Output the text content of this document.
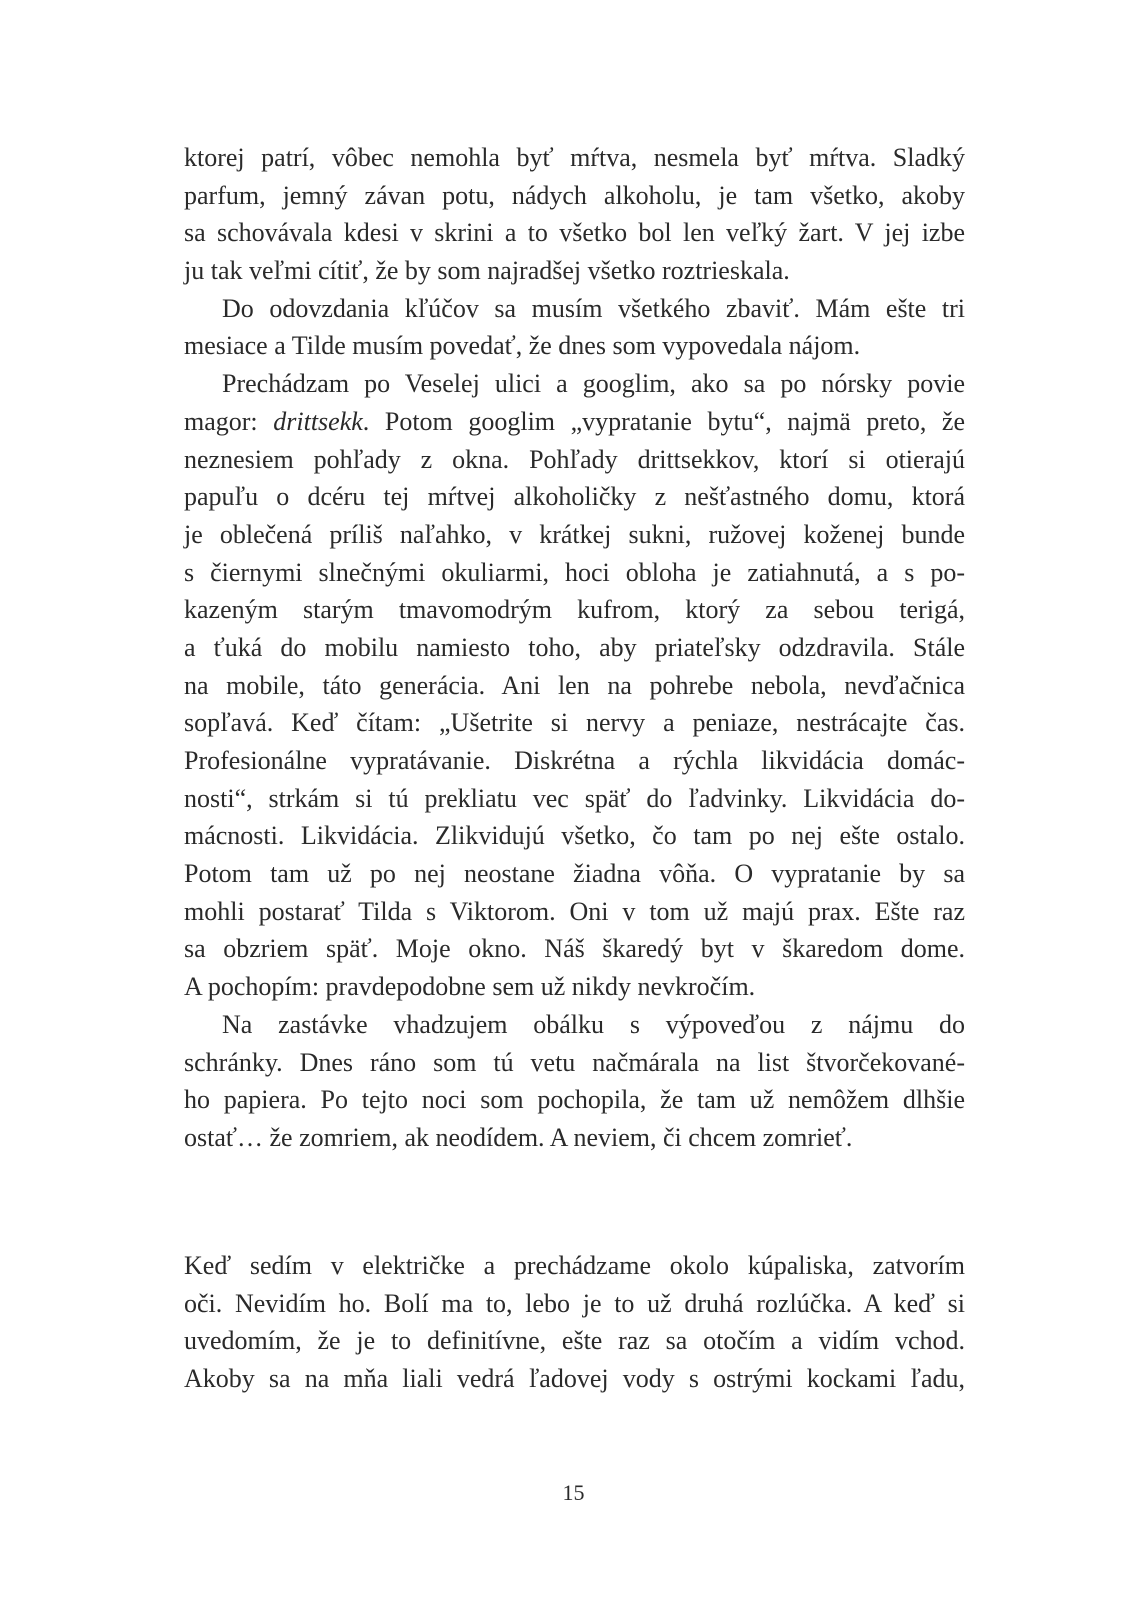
ktorej patrí, vôbec nemohla byť mŕtva, nesmela byť mŕtva. Sladký
parfum, jemný závan potu, nádych alkoholu, je tam všetko, akoby
sa schovávala kdesi v skrini a to všetko bol len veľký žart. V jej izbe
ju tak veľmi cítiť, že by som najradšej všetko roztrieskala.
Do odovzdania kľúčov sa musím všetkého zbaviť. Mám ešte tri
mesiace a Tilde musím povedať, že dnes som vypovedala nájom.
Prechádzam po Veselej ulici a googlim, ako sa po nórsky povie
magor: drittsekk. Potom googlim „vypratanie bytu“, najmä preto, že
neznesiem pohľady z okna. Pohľady drittsekkov, ktorí si otierajú
papuľu o dcéru tej mŕtvej alkoholičky z nešťastného domu, ktorá
je oblečená príliš naľahko, v krátkej sukni, ružovej koženej bunde
s čiernymi slnečnými okuliarmi, hoci obloha je zatiahnutá, a s po-
kazeným starým tmavomodrým kufrom, ktorý za sebou terigá,
a ťuká do mobilu namiesto toho, aby priateľsky odzdravila. Stále
na mobile, táto generácia. Ani len na pohrebe nebola, nevďačnica
sopľavá. Keď čítam: „Ušetrite si nervy a peniaze, nestrácajte čas.
Profesionálne vypratávanie. Diskrétna a rýchla likvidácia domác-
nosti“, strkám si tú prekliatu vec späť do ľadvinky. Likvidácia do-
mácnosti. Likvidácia. Zlikvidujú všetko, čo tam po nej ešte ostalo.
Potom tam už po nej neostane žiadna vôňa. O vypratanie by sa
mohli postarať Tilda s Viktorom. Oni v tom už majú prax. Ešte raz
sa obzriem späť. Moje okno. Náš škaredý byt v škaredom dome.
A pochopím: pravdepodobne sem už nikdy nevkročím.
Na zastávke vhadzujem obálku s výpoveďou z nájmu do
schránky. Dnes ráno som tú vetu načmárala na list štvorčekované-
ho papiera. Po tejto noci som pochopila, že tam už nemôžem dlhšie
ostať… že zomriem, ak neodídem. A neviem, či chcem zomrieť.
Keď sedím v električke a prechádzame okolo kúpaliska, zatvorím
oči. Nevidím ho. Bolí ma to, lebo je to už druhá rozlúčka. A keď si
uvedomím, že je to definitívne, ešte raz sa otočím a vidím vchod.
Akoby sa na mňa liali vedrá ľadovej vody s ostrými kockami ľadu,
15
